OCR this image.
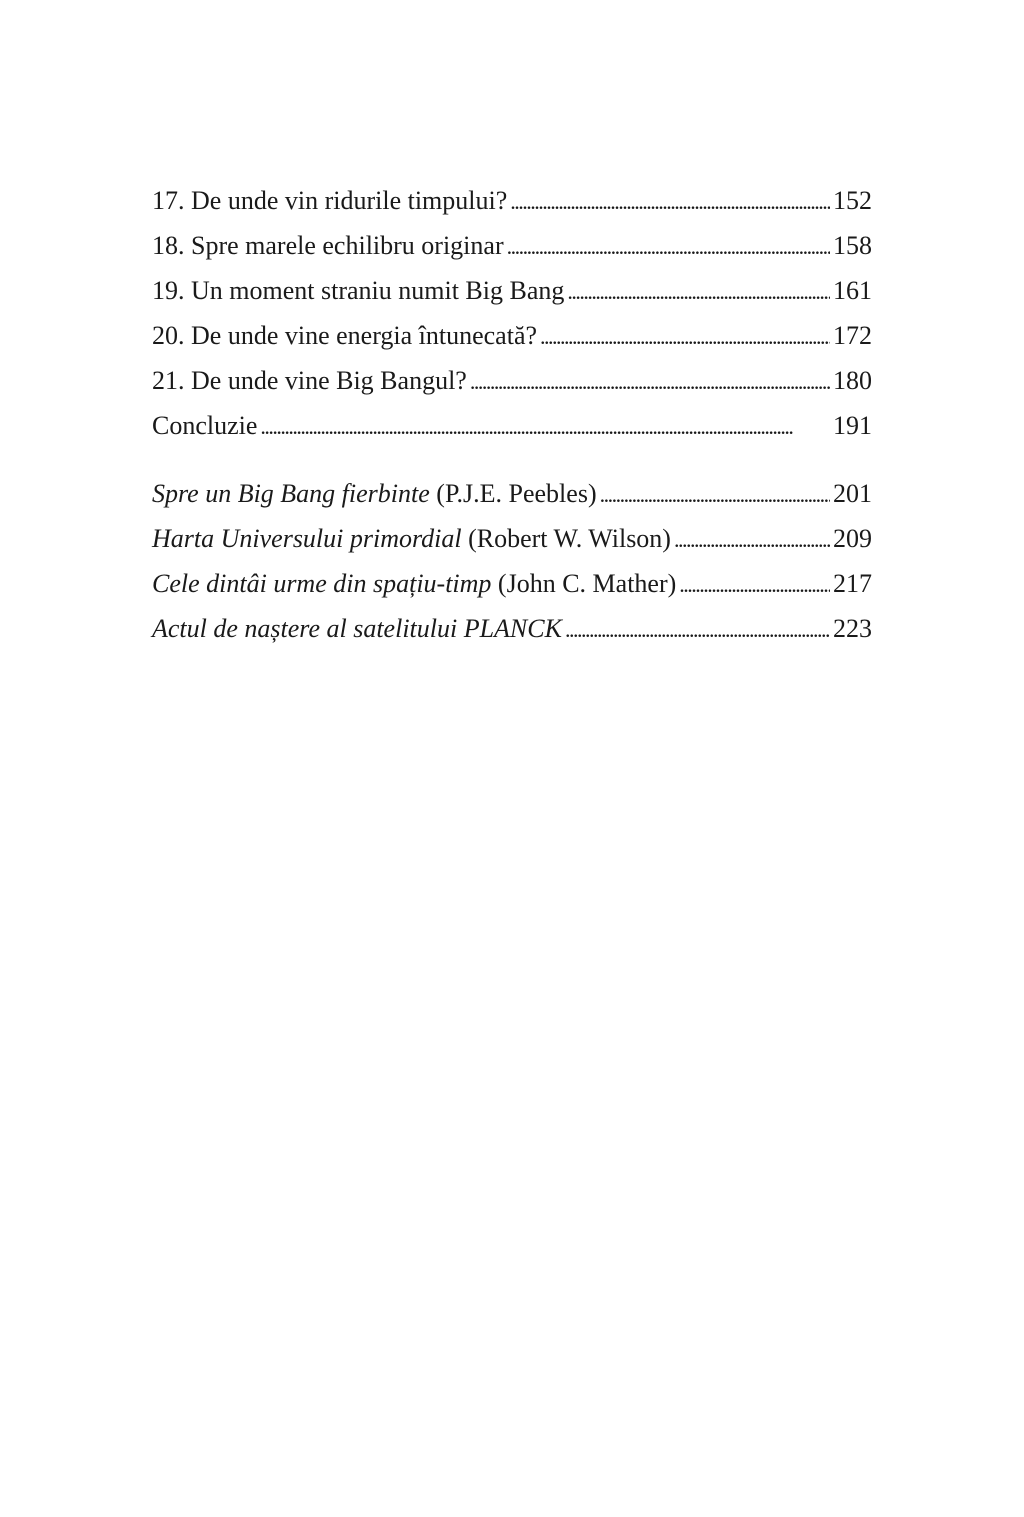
17. De unde vin ridurile timpului? . . .	152
18. Spre marele echilibru originar . . .	158
19. Un moment straniu numit Big Bang . . .	161
20. De unde vine energia întunecată? . . .	172
21. De unde vine Big Bangul? . . .	180
Concluzie . . .	191
Spre un Big Bang fierbinte (P.J.E. Peebles) . . .	201
Harta Universului primordial (Robert W. Wilson) . . .	209
Cele dintâi urme din spațiu-timp (John C. Mather) . . .	217
Actul de naștere al satelitului PLANCK . . .	223
